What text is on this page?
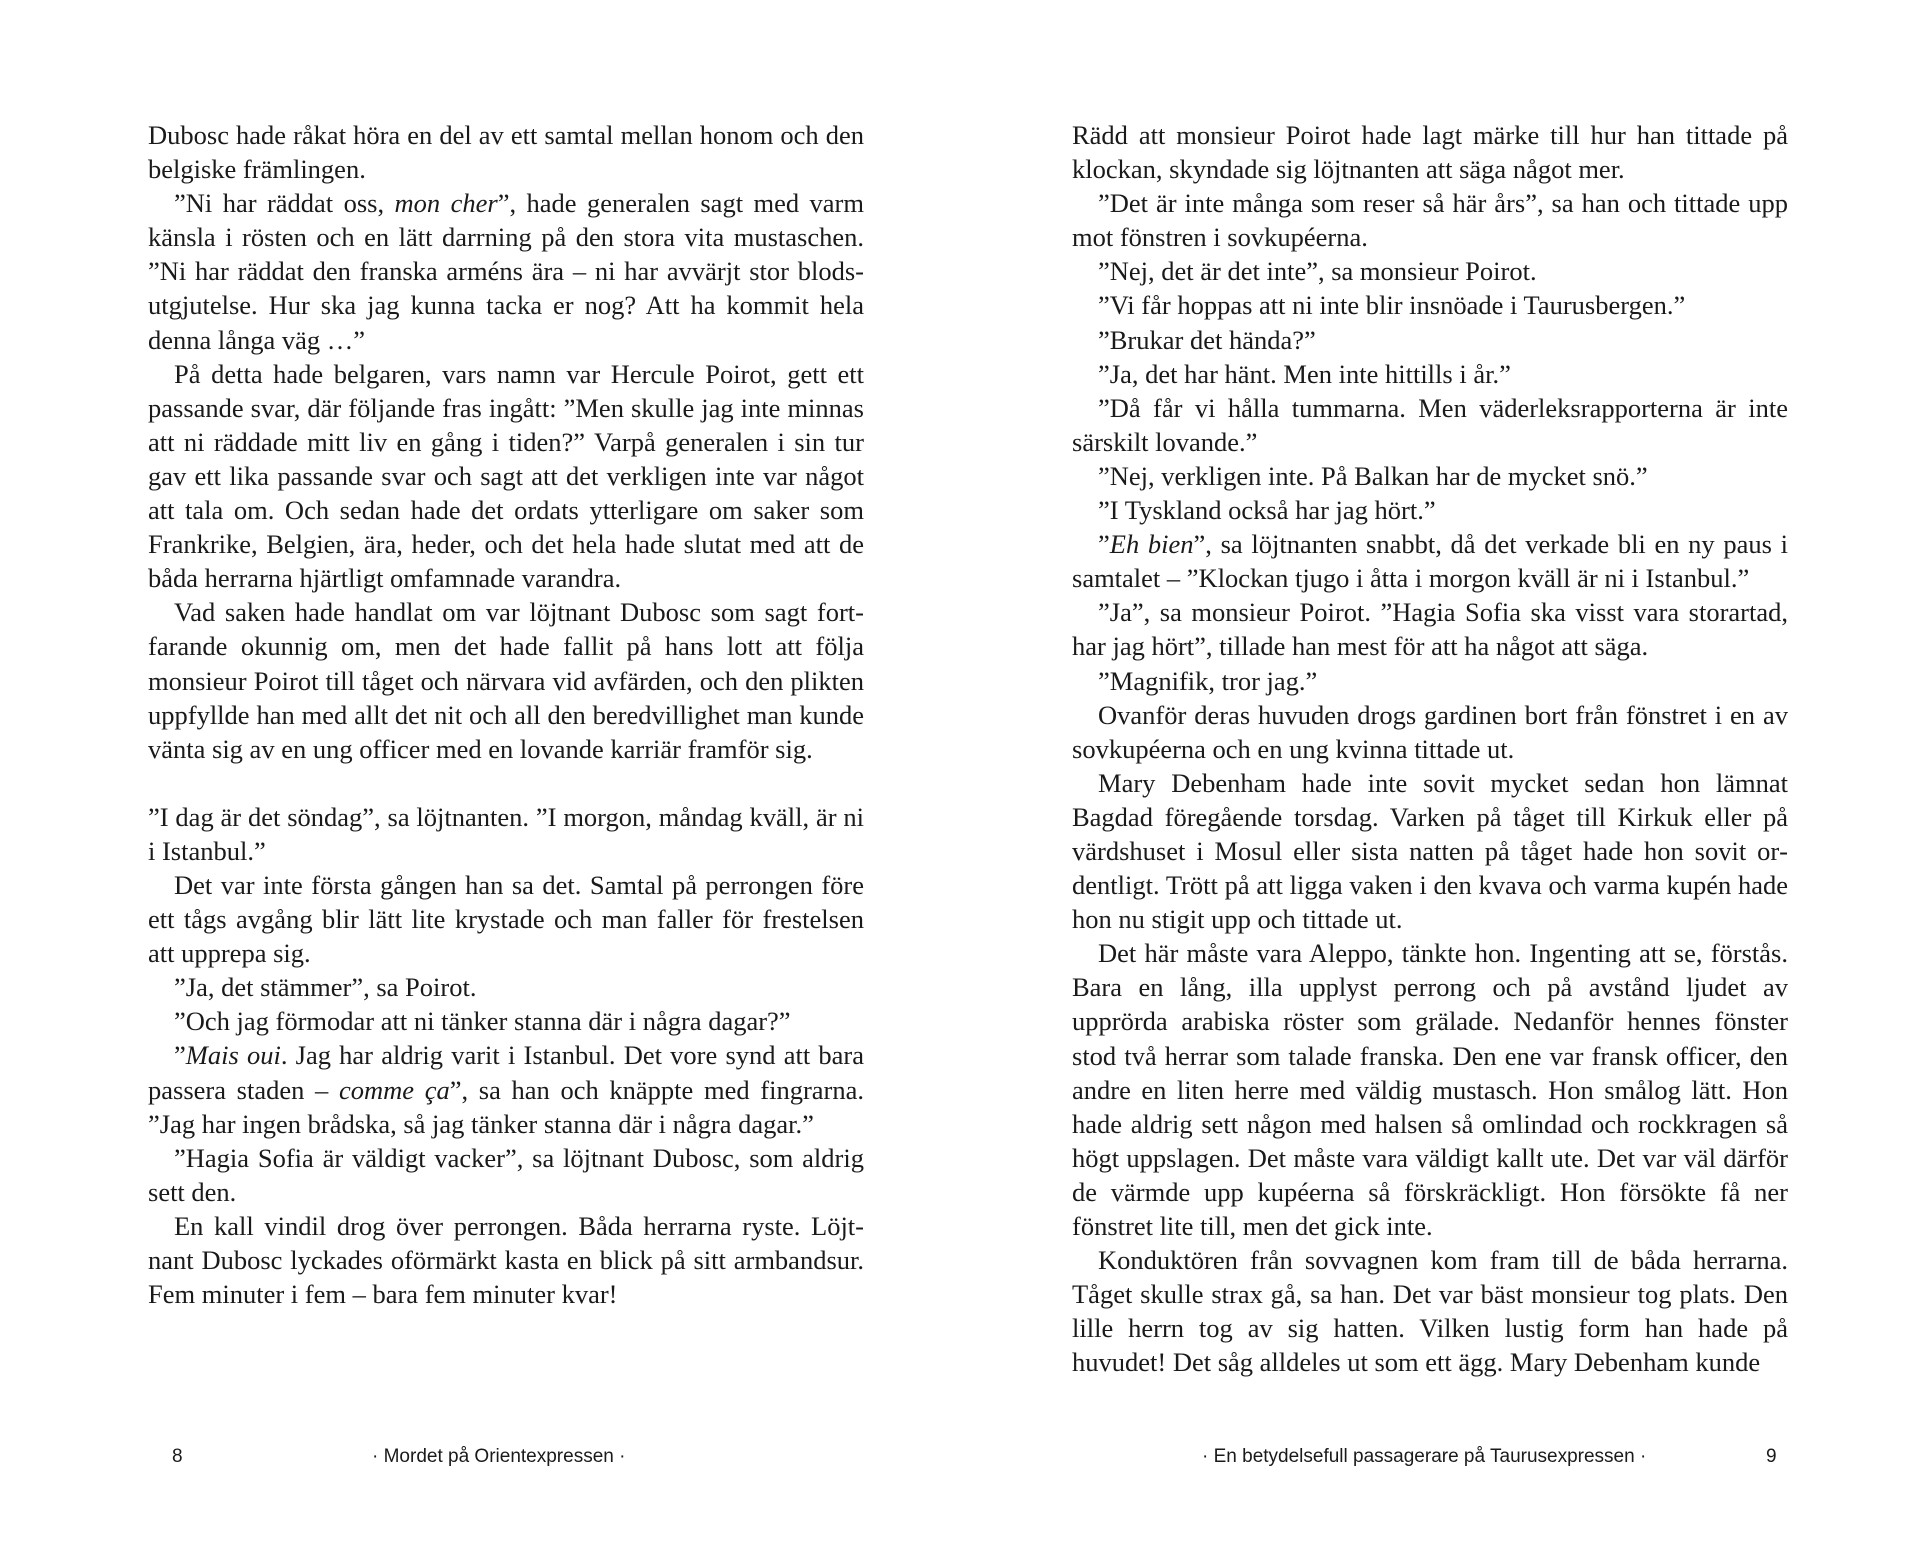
Dubosc hade råkat höra en del av ett samtal mellan honom och den belgiske främlingen.

”Ni har räddat oss, mon cher”, hade generalen sagt med varm känsla i rösten och en lätt darrning på den stora vita mustaschen. ”Ni har räddat den franska arméns ära – ni har avvärjt stor blodsutgjutelse. Hur ska jag kunna tacka er nog? Att ha kommit hela denna långa väg …”

På detta hade belgaren, vars namn var Hercule Poirot, gett ett passande svar, där följande fras ingått: ”Men skulle jag inte minnas att ni räddade mitt liv en gång i tiden?” Varpå generalen i sin tur gav ett lika passande svar och sagt att det verkligen inte var något att tala om. Och sedan hade det ordats ytterligare om saker som Frankrike, Belgien, ära, heder, och det hela hade slutat med att de båda herrarna hjärtligt omfamnade varandra.

Vad saken hade handlat om var löjtnant Dubosc som sagt fortfarande okunnig om, men det hade fallit på hans lott att följa monsieur Poirot till tåget och närvara vid avfärden, och den plikten uppfyllde han med allt det nit och all den beredvillighet man kunde vänta sig av en ung officer med en lovande karriär framför sig.

”I dag är det söndag”, sa löjtnanten. ”I morgon, måndag kväll, är ni i Istanbul.”

Det var inte första gången han sa det. Samtal på perrongen före ett tågs avgång blir lätt lite krystade och man faller för frestelsen att upprepa sig.

”Ja, det stämmer”, sa Poirot.

”Och jag förmodar att ni tänker stanna där i några dagar?”

”Mais oui. Jag har aldrig varit i Istanbul. Det vore synd att bara passera staden – comme ça”, sa han och knäppte med fingrarna. ”Jag har ingen brådska, så jag tänker stanna där i några dagar.”

”Hagia Sofia är väldigt vacker”, sa löjtnant Dubosc, som aldrig sett den.

En kall vindil drog över perrongen. Båda herrarna ryste. Löjtnant Dubosc lyckades oförmärkt kasta en blick på sitt armbandsur. Fem minuter i fem – bara fem minuter kvar!

8	· Mordet på Orientexpressen ·

Rädd att monsieur Poirot hade lagt märke till hur han tittade på klockan, skyndade sig löjtnanten att säga något mer.

”Det är inte många som reser så här års”, sa han och tittade upp mot fönstren i sovkupéerna.

”Nej, det är det inte”, sa monsieur Poirot.

”Vi får hoppas att ni inte blir insnöade i Taurusbergen.”

”Brukar det hända?”

”Ja, det har hänt. Men inte hittills i år.”

”Då får vi hålla tummarna. Men väderleksrapporterna är inte särskilt lovande.”

”Nej, verkligen inte. På Balkan har de mycket snö.”

”I Tyskland också har jag hört.”

”Eh bien”, sa löjtnanten snabbt, då det verkade bli en ny paus i samtalet – ”Klockan tjugo i åtta i morgon kväll är ni i Istanbul.”

”Ja”, sa monsieur Poirot. ”Hagia Sofia ska visst vara storartad, har jag hört”, tillade han mest för att ha något att säga.

”Magnifik, tror jag.”

Ovanför deras huvuden drogs gardinen bort från fönstret i en av sovkupéerna och en ung kvinna tittade ut.

Mary Debenham hade inte sovit mycket sedan hon lämnat Bagdad föregående torsdag. Varken på tåget till Kirkuk eller på värdshuset i Mosul eller sista natten på tåget hade hon sovit ordentligt. Trött på att ligga vaken i den kvava och varma kupén hade hon nu stigit upp och tittade ut.

Det här måste vara Aleppo, tänkte hon. Ingenting att se, förstås. Bara en lång, illa upplyst perrong och på avstånd ljudet av upprörda arabiska röster som grälade. Nedanför hennes fönster stod två herrar som talade franska. Den ene var fransk officer, den andre en liten herre med väldig mustasch. Hon smålog lätt. Hon hade aldrig sett någon med halsen så omlindad och rockkragen så högt uppslagen. Det måste vara väldigt kallt ute. Det var väl därför de värmde upp kupéerna så förskräckligt. Hon försökte få ner fönstret lite till, men det gick inte.

Konduktören från sovvagnen kom fram till de båda herrarna. Tåget skulle strax gå, sa han. Det var bäst monsieur tog plats. Den lille herrn tog av sig hatten. Vilken lustig form han hade på huvudet! Det såg alldeles ut som ett ägg. Mary Debenham kunde

· En betydelsefull passagerare på Taurusexpressen ·	9
